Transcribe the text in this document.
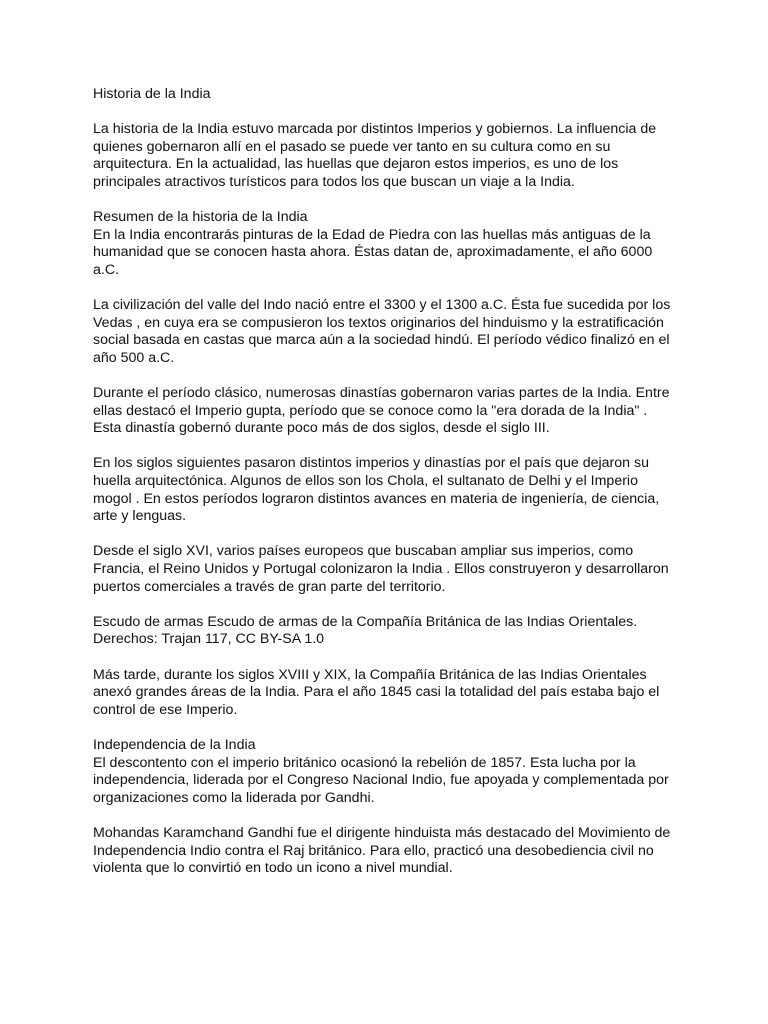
Historia de la India

La historia de la India estuvo marcada por distintos Imperios y gobiernos. La influencia de
quienes gobernaron allí en el pasado se puede ver tanto en su cultura como en su
arquitectura. En la actualidad, las huellas que dejaron estos imperios, es uno de los
principales atractivos turísticos para todos los que buscan un viaje a la India.

Resumen de la historia de la India
En la India encontrarás pinturas de la Edad de Piedra con las huellas más antiguas de la
humanidad que se conocen hasta ahora. Éstas datan de, aproximadamente, el año 6000
a.C.

La civilización del valle del Indo nació entre el 3300 y el 1300 a.C. Ésta fue sucedida por los
Vedas , en cuya era se compusieron los textos originarios del hinduismo y la estratificación
social basada en castas que marca aún a la sociedad hindú. El período védico finalizó en el
año 500 a.C.

Durante el período clásico, numerosas dinastías gobernaron varias partes de la India. Entre
ellas destacó el Imperio gupta, período que se conoce como la "era dorada de la India" .
Esta dinastía gobernó durante poco más de dos siglos, desde el siglo III.

En los siglos siguientes pasaron distintos imperios y dinastías por el país que dejaron su
huella arquitectónica. Algunos de ellos son los Chola, el sultanato de Delhi y el Imperio
mogol . En estos períodos lograron distintos avances en materia de ingeniería, de ciencia,
arte y lenguas.

Desde el siglo XVI, varios países europeos que buscaban ampliar sus imperios, como
Francia, el Reino Unidos y Portugal colonizaron la India . Ellos construyeron y desarrollaron
puertos comerciales a través de gran parte del territorio.

Escudo de armas Escudo de armas de la Compañía Británica de las Indias Orientales.
Derechos: Trajan 117, CC BY-SA 1.0

Más tarde, durante los siglos XVIII y XIX, la Compañía Británica de las Indias Orientales
anexó grandes áreas de la India. Para el año 1845 casi la totalidad del país estaba bajo el
control de ese Imperio.

Independencia de la India
El descontento con el imperio británico ocasionó la rebelión de 1857. Esta lucha por la
independencia, liderada por el Congreso Nacional Indio, fue apoyada y complementada por
organizaciones como la liderada por Gandhi.

Mohandas Karamchand Gandhi fue el dirigente hinduista más destacado del Movimiento de
Independencia Indio contra el Raj británico. Para ello, practicó una desobediencia civil no
violenta que lo convirtió en todo un icono a nivel mundial.
